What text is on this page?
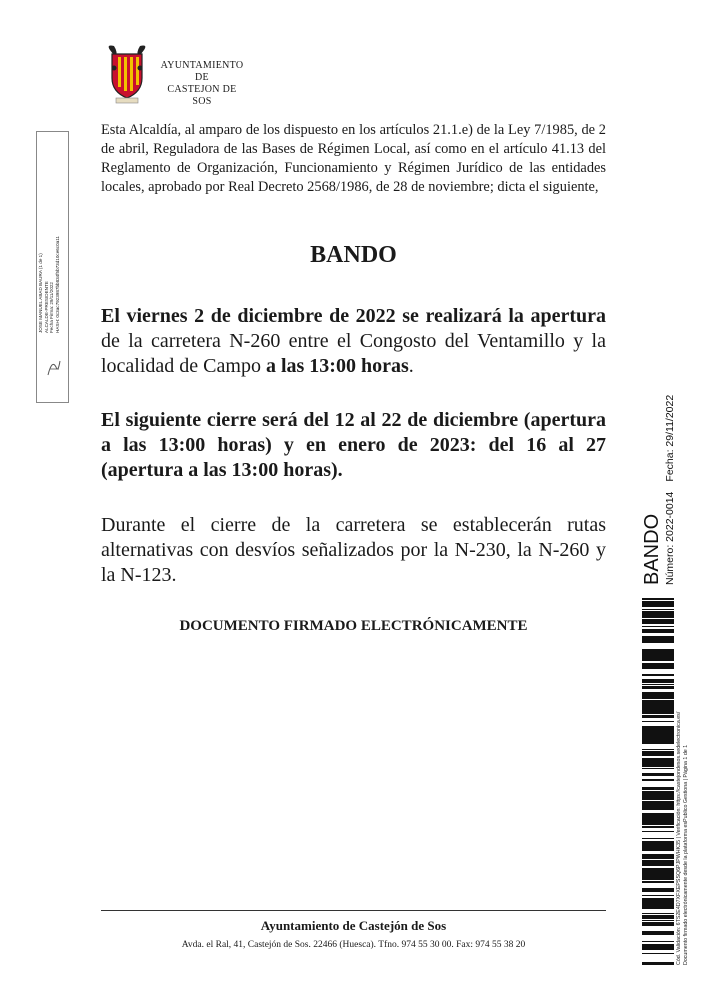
AYUNTAMIENTO
DE
CASTEJON DE SOS
JOSE MANUEL ABAD BAURA (1 de 1) ALCALDE-PRESIDENTE Fecha Firma: 29/11/2022 HASH: 0c3ac7923987bb834f5b73d10ce6c0a11

Esta Alcaldía, al amparo de los dispuesto en los artículos 21.1.e) de la Ley 7/1985, de 2 de abril, Reguladora de las Bases de Régimen Local, así como en el artículo 41.13 del Reglamento de Organización, Funcionamiento y Régimen Jurídico de las entidades locales, aprobado por Real Decreto 2568/1986, de 28 de noviembre; dicta el siguiente,

BANDO

El viernes 2 de diciembre de 2022 se realizará la apertura de la carretera N-260 entre el Congosto del Ventamillo y la localidad de Campo a las 13:00 horas.

El siguiente cierre será del 12 al 22 de diciembre (apertura a las 13:00 horas) y en enero de 2023: del 16 al 27 (apertura a las 13:00 horas).

Durante el cierre de la carretera se establecerán rutas alternativas con desvíos señalizados por la N-230, la N-260 y la N-123.

DOCUMENTO FIRMADO ELECTRÓNICAMENTE

Ayuntamiento de Castejón de Sos
Avda. el Ral, 41, Castejón de Sos. 22466 (Huesca). Tfno. 974 55 30 00. Fax: 974 55 38 20
BANDO Número: 2022-0014Fecha: 29/11/2022
Cód. Validación: 6TS2E4D7XFXEPSSQ6PJPWHK35 | Verificación: https://castejondesos.sedelectronica.es/ Documento firmado electrónicamente desde la plataforma esPublico Gestiona | Página 1 de 1
